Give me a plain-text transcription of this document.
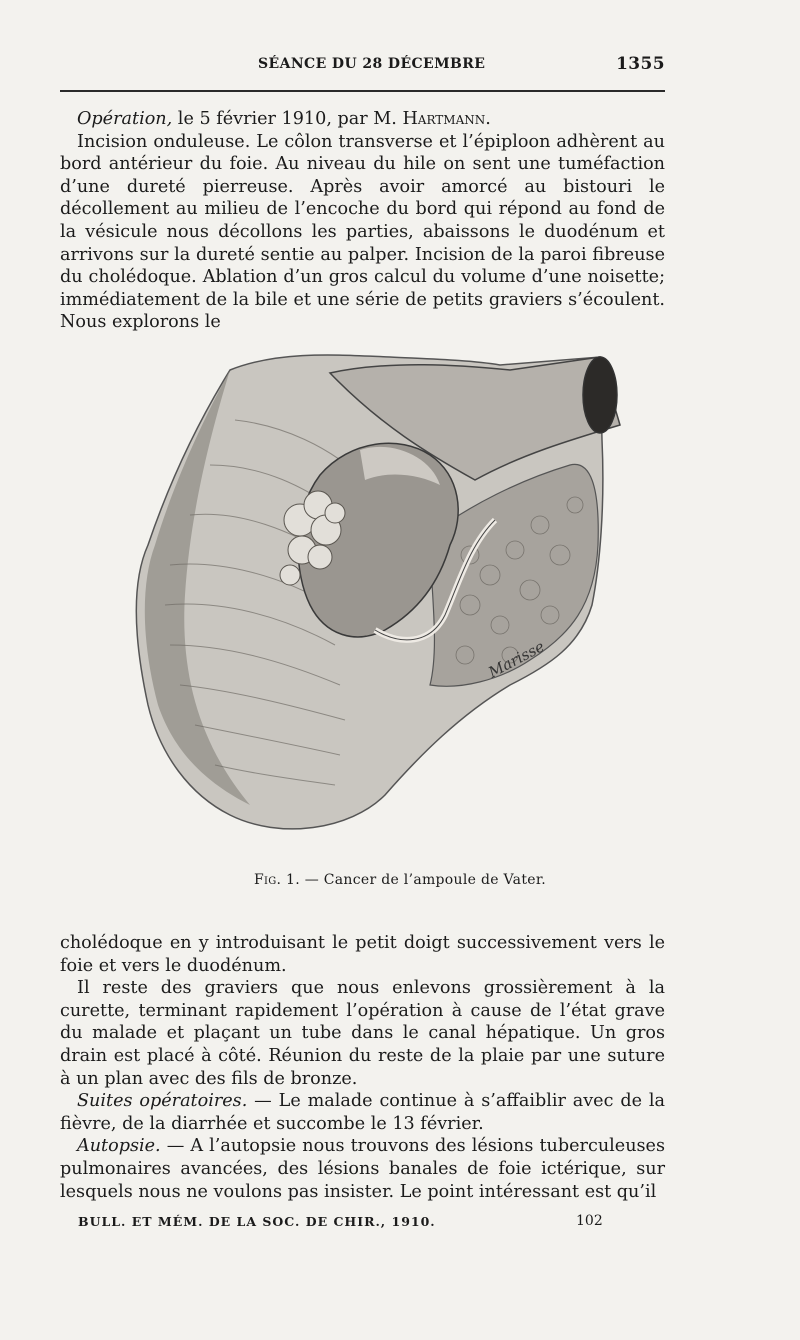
SÉANCE DU 28 DÉCEMBRE	1355

Opération, le 5 février 1910, par M. Hartmann.

Incision onduleuse. Le côlon transverse et l’épiploon adhèrent au bord antérieur du foie. Au niveau du hile on sent une tuméfaction d’une dureté pierreuse. Après avoir amorcé au bistouri le décollement au milieu de l’encoche du bord qui répond au fond de la vésicule nous décollons les parties, abaissons le duodénum et arrivons sur la dureté sentie au palper. Incision de la paroi fibreuse du cholédoque. Ablation d’un gros calcul du volume d’une noisette; immédiatement de la bile et une série de petits graviers s’écoulent. Nous explorons le

Marisse
Fig. 1. — Cancer de l’ampoule de Vater.

cholédoque en y introduisant le petit doigt successivement vers le foie et vers le duodénum.

Il reste des graviers que nous enlevons grossièrement à la curette, terminant rapidement l’opération à cause de l’état grave du malade et plaçant un tube dans le canal hépatique. Un gros drain est placé à côté. Réunion du reste de la plaie par une suture à un plan avec des fils de bronze.

Suites opératoires. — Le malade continue à s’affaiblir avec de la fièvre, de la diarrhée et succombe le 13 février.

Autopsie. — A l’autopsie nous trouvons des lésions tuberculeuses pulmonaires avancées, des lésions banales de foie ictérique, sur lesquels nous ne voulons pas insister. Le point intéressant est qu’il

BULL. ET MÉM. DE LA SOC. DE CHIR., 1910.	102
